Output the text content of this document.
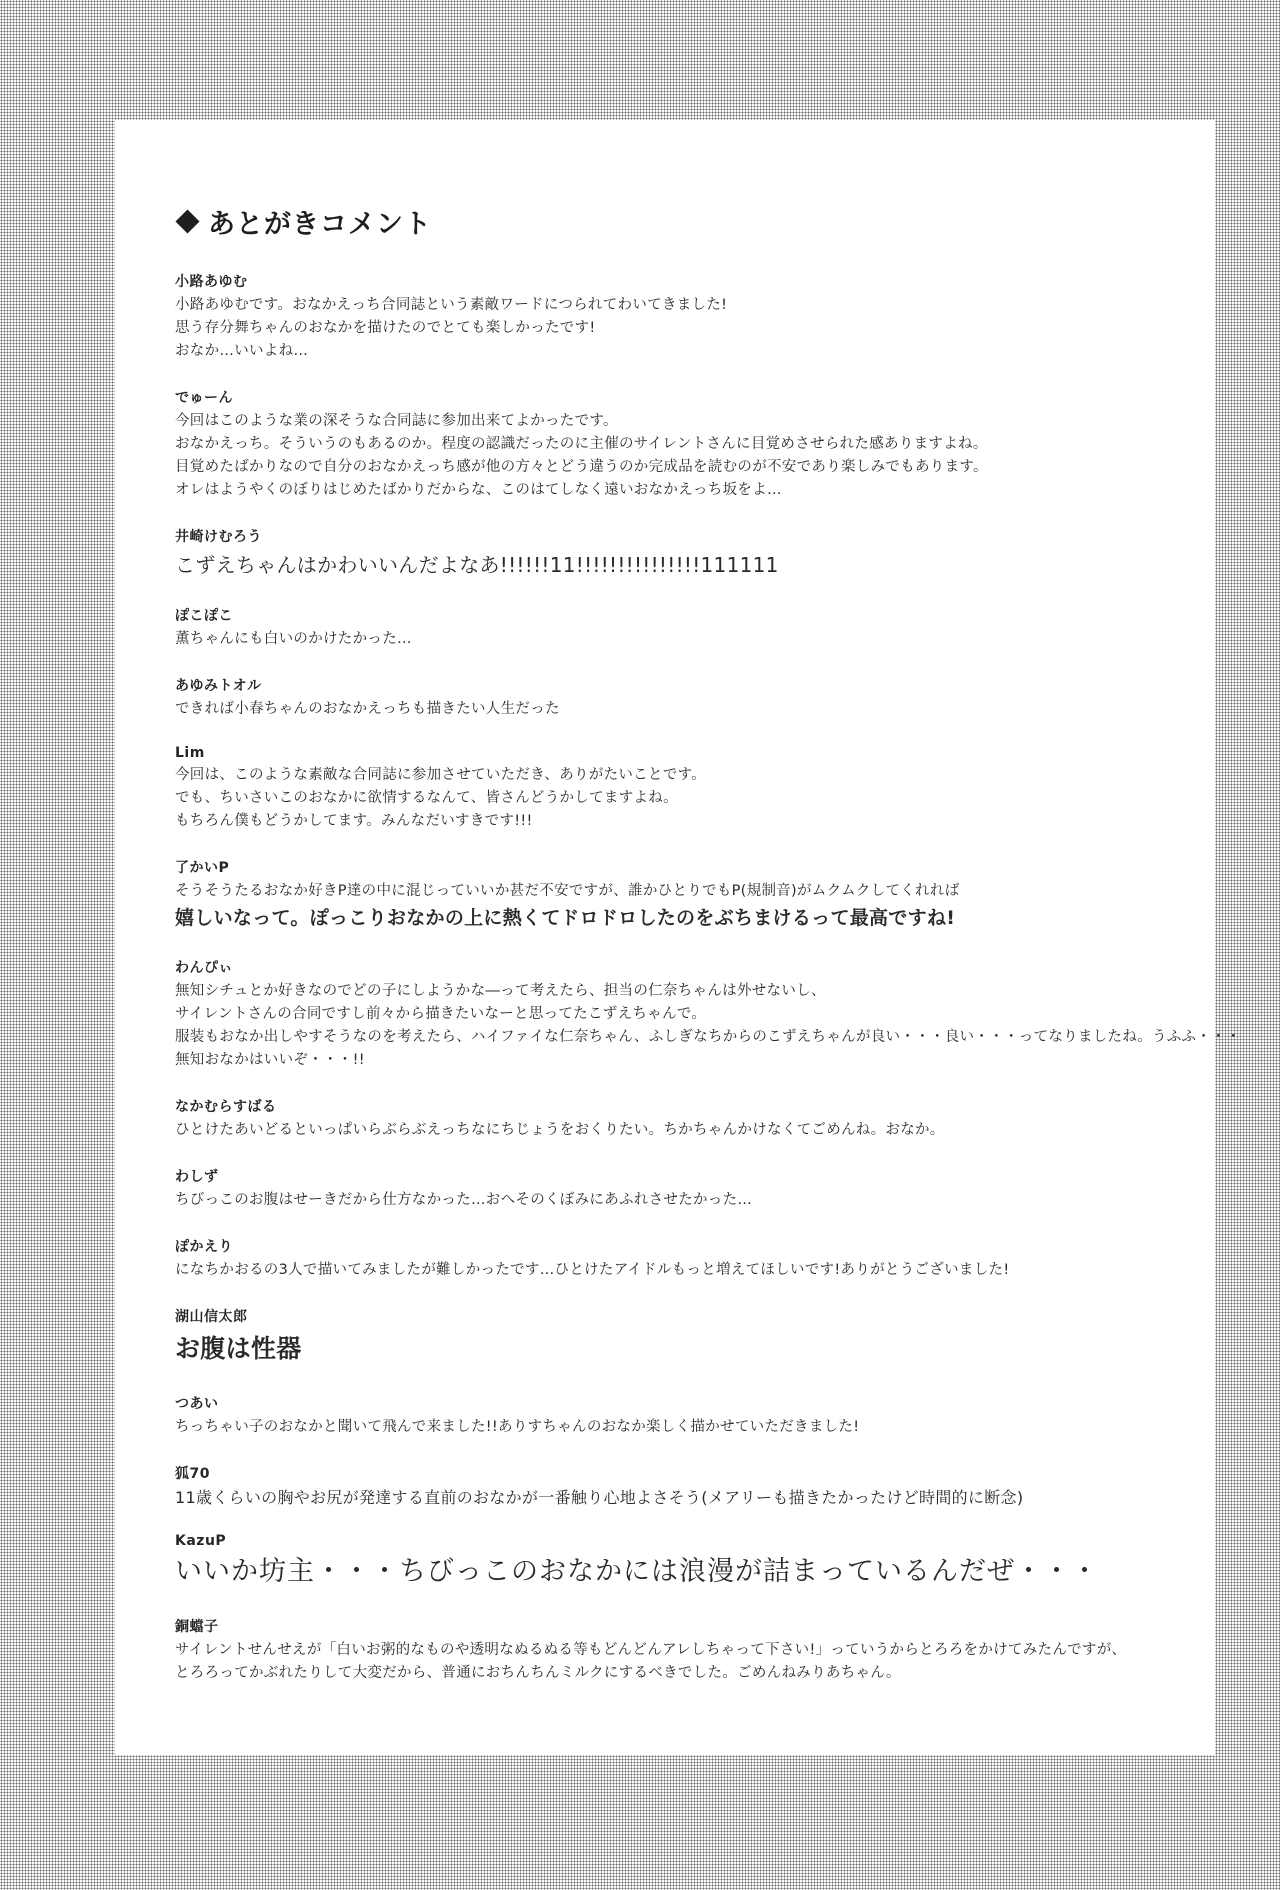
あとがきコメント
小路あゆむ
小路あゆむです。おなかえっち合同誌という素敵ワードにつられてわいてきました!
思う存分舞ちゃんのおなかを描けたのでとても楽しかったです!
おなか…いいよね…
でゅーん
今回はこのような業の深そうな合同誌に参加出来てよかったです。
おなかえっち。そういうのもあるのか。程度の認識だったのに主催のサイレントさんに目覚めさせられた感ありますよね。
目覚めたばかりなので自分のおなかえっち感が他の方々とどう違うのか完成品を読むのが不安であり楽しみでもあります。
オレはようやくのぼりはじめたばかりだからな、このはてしなく遠いおなかえっち坂をよ…
井崎けむろう
こずえちゃんはかわいいんだよなあ!!!!!!11!!!!!!!!!!!!!!!111111
ぽこぽこ
薫ちゃんにも白いのかけたかった…
あゆみトオル
できれば小春ちゃんのおなかえっちも描きたい人生だった
Lim
今回は、このような素敵な合同誌に参加させていただき、ありがたいことです。
でも、ちいさいこのおなかに欲情するなんて、皆さんどうかしてますよね。
もちろん僕もどうかしてます。みんなだいすきです!!!
了かいP
そうそうたるおなか好きP達の中に混じっていいか甚だ不安ですが、誰かひとりでもP(規制音)がムクムクしてくれれば
嬉しいなって。ぽっこりおなかの上に熱くてドロドロしたのをぶちまけるって最高ですね!
わんぴぃ
無知シチュとか好きなのでどの子にしようかな―って考えたら、担当の仁奈ちゃんは外せないし、
サイレントさんの合同ですし前々から描きたいなーと思ってたこずえちゃんで。
服装もおなか出しやすそうなのを考えたら、ハイファイな仁奈ちゃん、ふしぎなちからのこずえちゃんが良い・・・良い・・・ってなりましたね。うふふ・・・
無知おなかはいいぞ・・・!!
なかむらすばる
ひとけたあいどるといっぱいらぶらぶえっちなにちじょうをおくりたい。ちかちゃんかけなくてごめんね。おなか。
わしず
ちびっこのお腹はせーきだから仕方なかった…おへそのくぼみにあふれさせたかった…
ぽかえり
になちかおるの3人で描いてみましたが難しかったです…ひとけたアイドルもっと増えてほしいです!ありがとうございました!
湖山信太郎
お腹は性器
つあい
ちっちゃい子のおなかと聞いて飛んで来ました!!ありすちゃんのおなか楽しく描かせていただきました!
狐70
11歳くらいの胸やお尻が発達する直前のおなかが一番触り心地よさそう(メアリーも描きたかったけど時間的に断念)
KazuP
いいか坊主・・・ちびっこのおなかには浪漫が詰まっているんだぜ・・・
銅蟷子
サイレントせんせえが「白いお粥的なものや透明なぬるぬる等もどんどんアレしちゃって下さい!」っていうからとろろをかけてみたんですが、
とろろってかぶれたりして大変だから、普通におちんちんミルクにするべきでした。ごめんねみりあちゃん。
